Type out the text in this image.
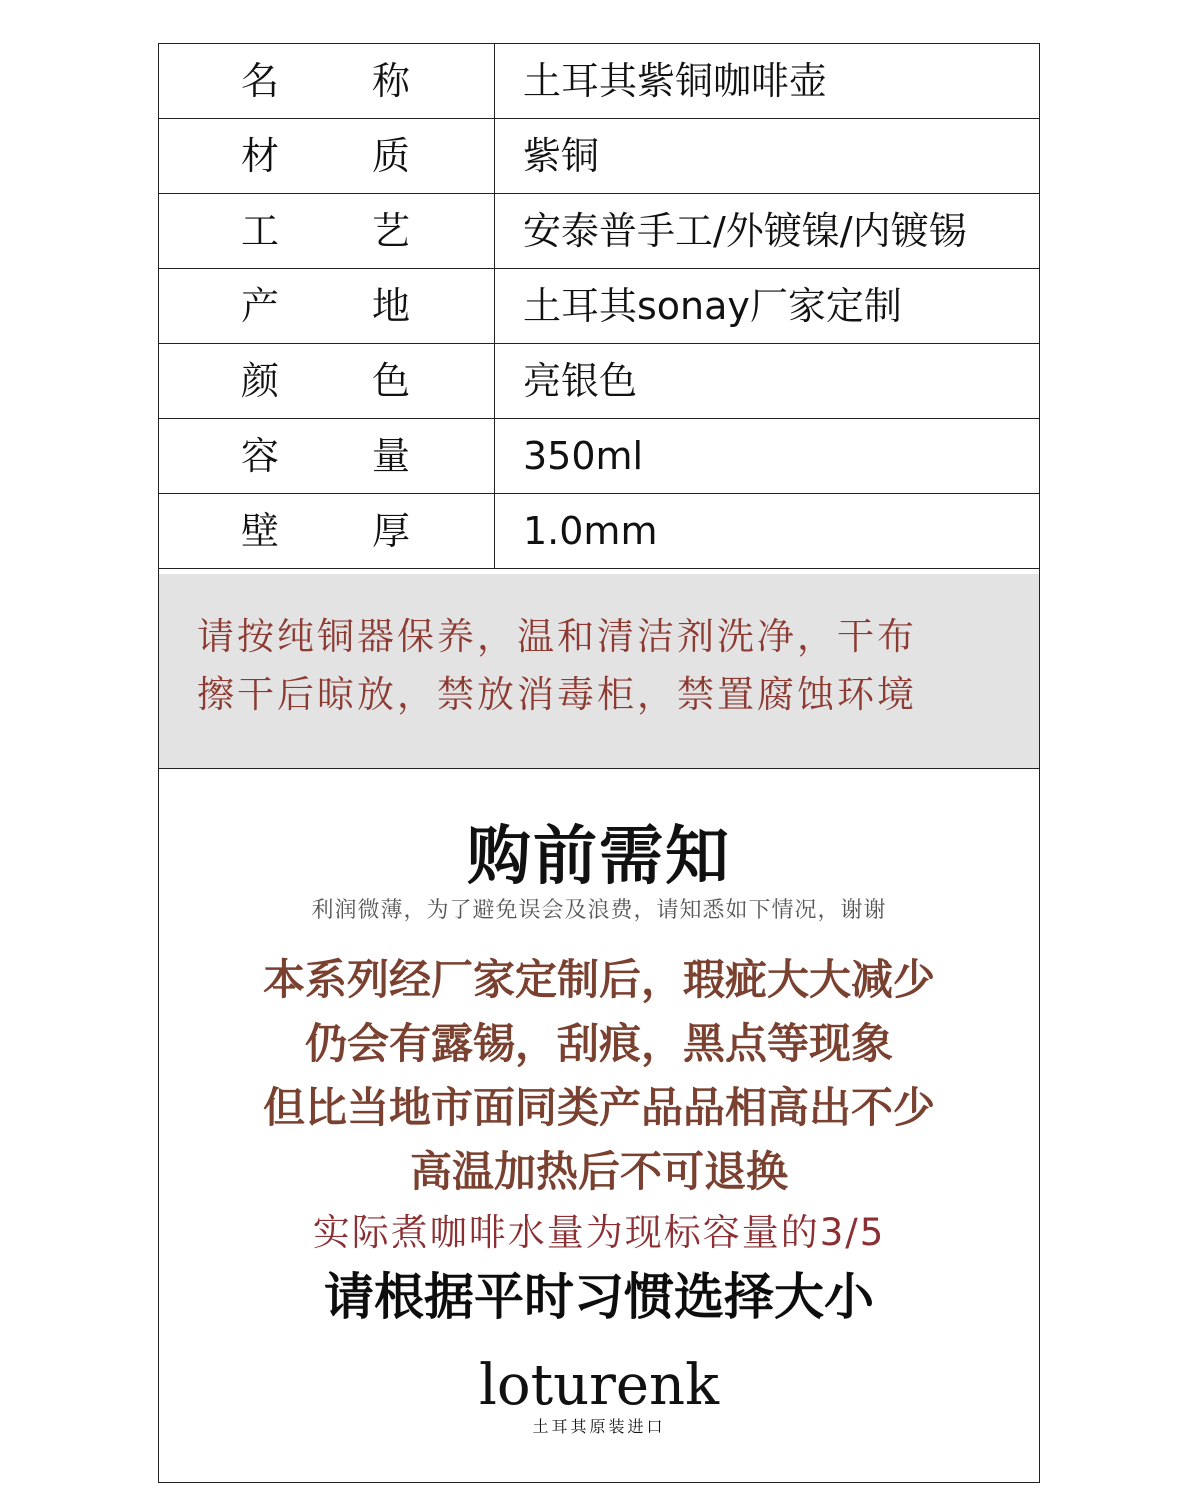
名 称	土耳其紫铜咖啡壶

材 质	紫铜

工 艺	安泰普手工/外镀镍/内镀锡

产 地	土耳其sonay厂家定制

颜 色	亮银色

容 量	350ml

壁 厚	1.0mm
请按纯铜器保养，温和清洁剂洗净，干布
擦干后晾放，禁放消毒柜，禁置腐蚀环境
购前需知
利润微薄，为了避免误会及浪费，请知悉如下情况，谢谢
本系列经厂家定制后，瑕疵大大减少
仍会有露锡，刮痕，黑点等现象
但比当地市面同类产品品相高出不少
高温加热后不可退换
实际煮咖啡水量为现标容量的3/5
请根据平时习惯选择大小
loturenk
土耳其原装进口
